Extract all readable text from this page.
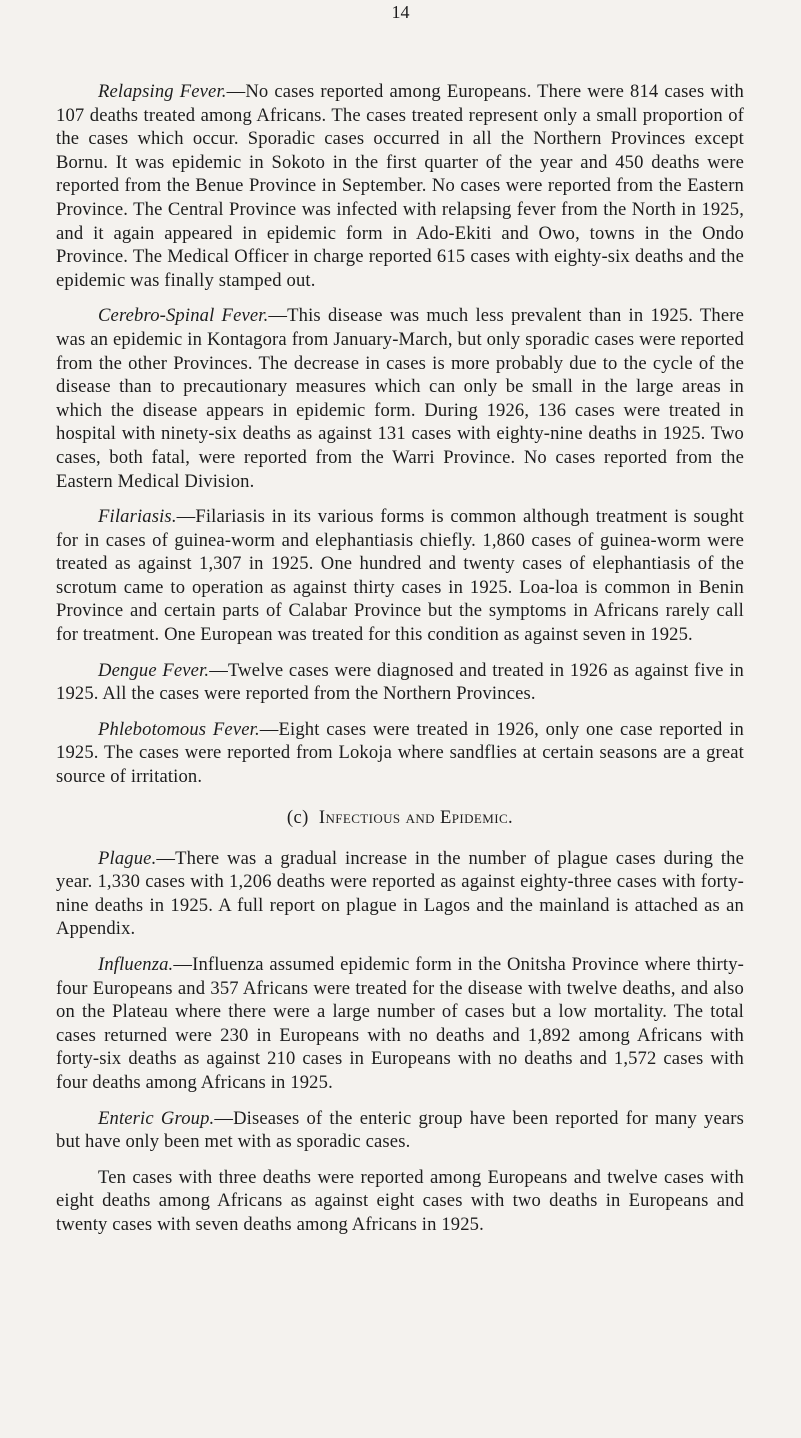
14

Relapsing Fever.—No cases reported among Europeans. There were 814 cases with 107 deaths treated among Africans. The cases treated represent only a small proportion of the cases which occur. Sporadic cases occurred in all the Northern Provinces except Bornu. It was epidemic in Sokoto in the first quarter of the year and 450 deaths were reported from the Benue Province in September. No cases were reported from the Eastern Province. The Central Province was infected with relapsing fever from the North in 1925, and it again appeared in epidemic form in Ado-Ekiti and Owo, towns in the Ondo Province. The Medical Officer in charge reported 615 cases with eighty-six deaths and the epidemic was finally stamped out.

Cerebro-Spinal Fever.—This disease was much less prevalent than in 1925. There was an epidemic in Kontagora from January-March, but only sporadic cases were reported from the other Provinces. The decrease in cases is more probably due to the cycle of the disease than to precautionary measures which can only be small in the large areas in which the disease appears in epidemic form. During 1926, 136 cases were treated in hospital with ninety-six deaths as against 131 cases with eighty-nine deaths in 1925. Two cases, both fatal, were reported from the Warri Province. No cases reported from the Eastern Medical Division.

Filariasis.—Filariasis in its various forms is common although treatment is sought for in cases of guinea-worm and elephantiasis chiefly. 1,860 cases of guinea-worm were treated as against 1,307 in 1925. One hundred and twenty cases of elephantiasis of the scrotum came to operation as against thirty cases in 1925. Loa-loa is common in Benin Province and certain parts of Calabar Province but the symptoms in Africans rarely call for treatment. One European was treated for this condition as against seven in 1925.

Dengue Fever.—Twelve cases were diagnosed and treated in 1926 as against five in 1925. All the cases were reported from the Northern Provinces.

Phlebotomous Fever.—Eight cases were treated in 1926, only one case reported in 1925. The cases were reported from Lokoja where sandflies at certain seasons are a great source of irritation.

(c) Infectious and Epidemic.

Plague.—There was a gradual increase in the number of plague cases during the year. 1,330 cases with 1,206 deaths were reported as against eighty-three cases with forty-nine deaths in 1925. A full report on plague in Lagos and the mainland is attached as an Appendix.

Influenza.—Influenza assumed epidemic form in the Onitsha Province where thirty-four Europeans and 357 Africans were treated for the disease with twelve deaths, and also on the Plateau where there were a large number of cases but a low mortality. The total cases returned were 230 in Europeans with no deaths and 1,892 among Africans with forty-six deaths as against 210 cases in Europeans with no deaths and 1,572 cases with four deaths among Africans in 1925.

Enteric Group.—Diseases of the enteric group have been reported for many years but have only been met with as sporadic cases.

Ten cases with three deaths were reported among Europeans and twelve cases with eight deaths among Africans as against eight cases with two deaths in Europeans and twenty cases with seven deaths among Africans in 1925.
